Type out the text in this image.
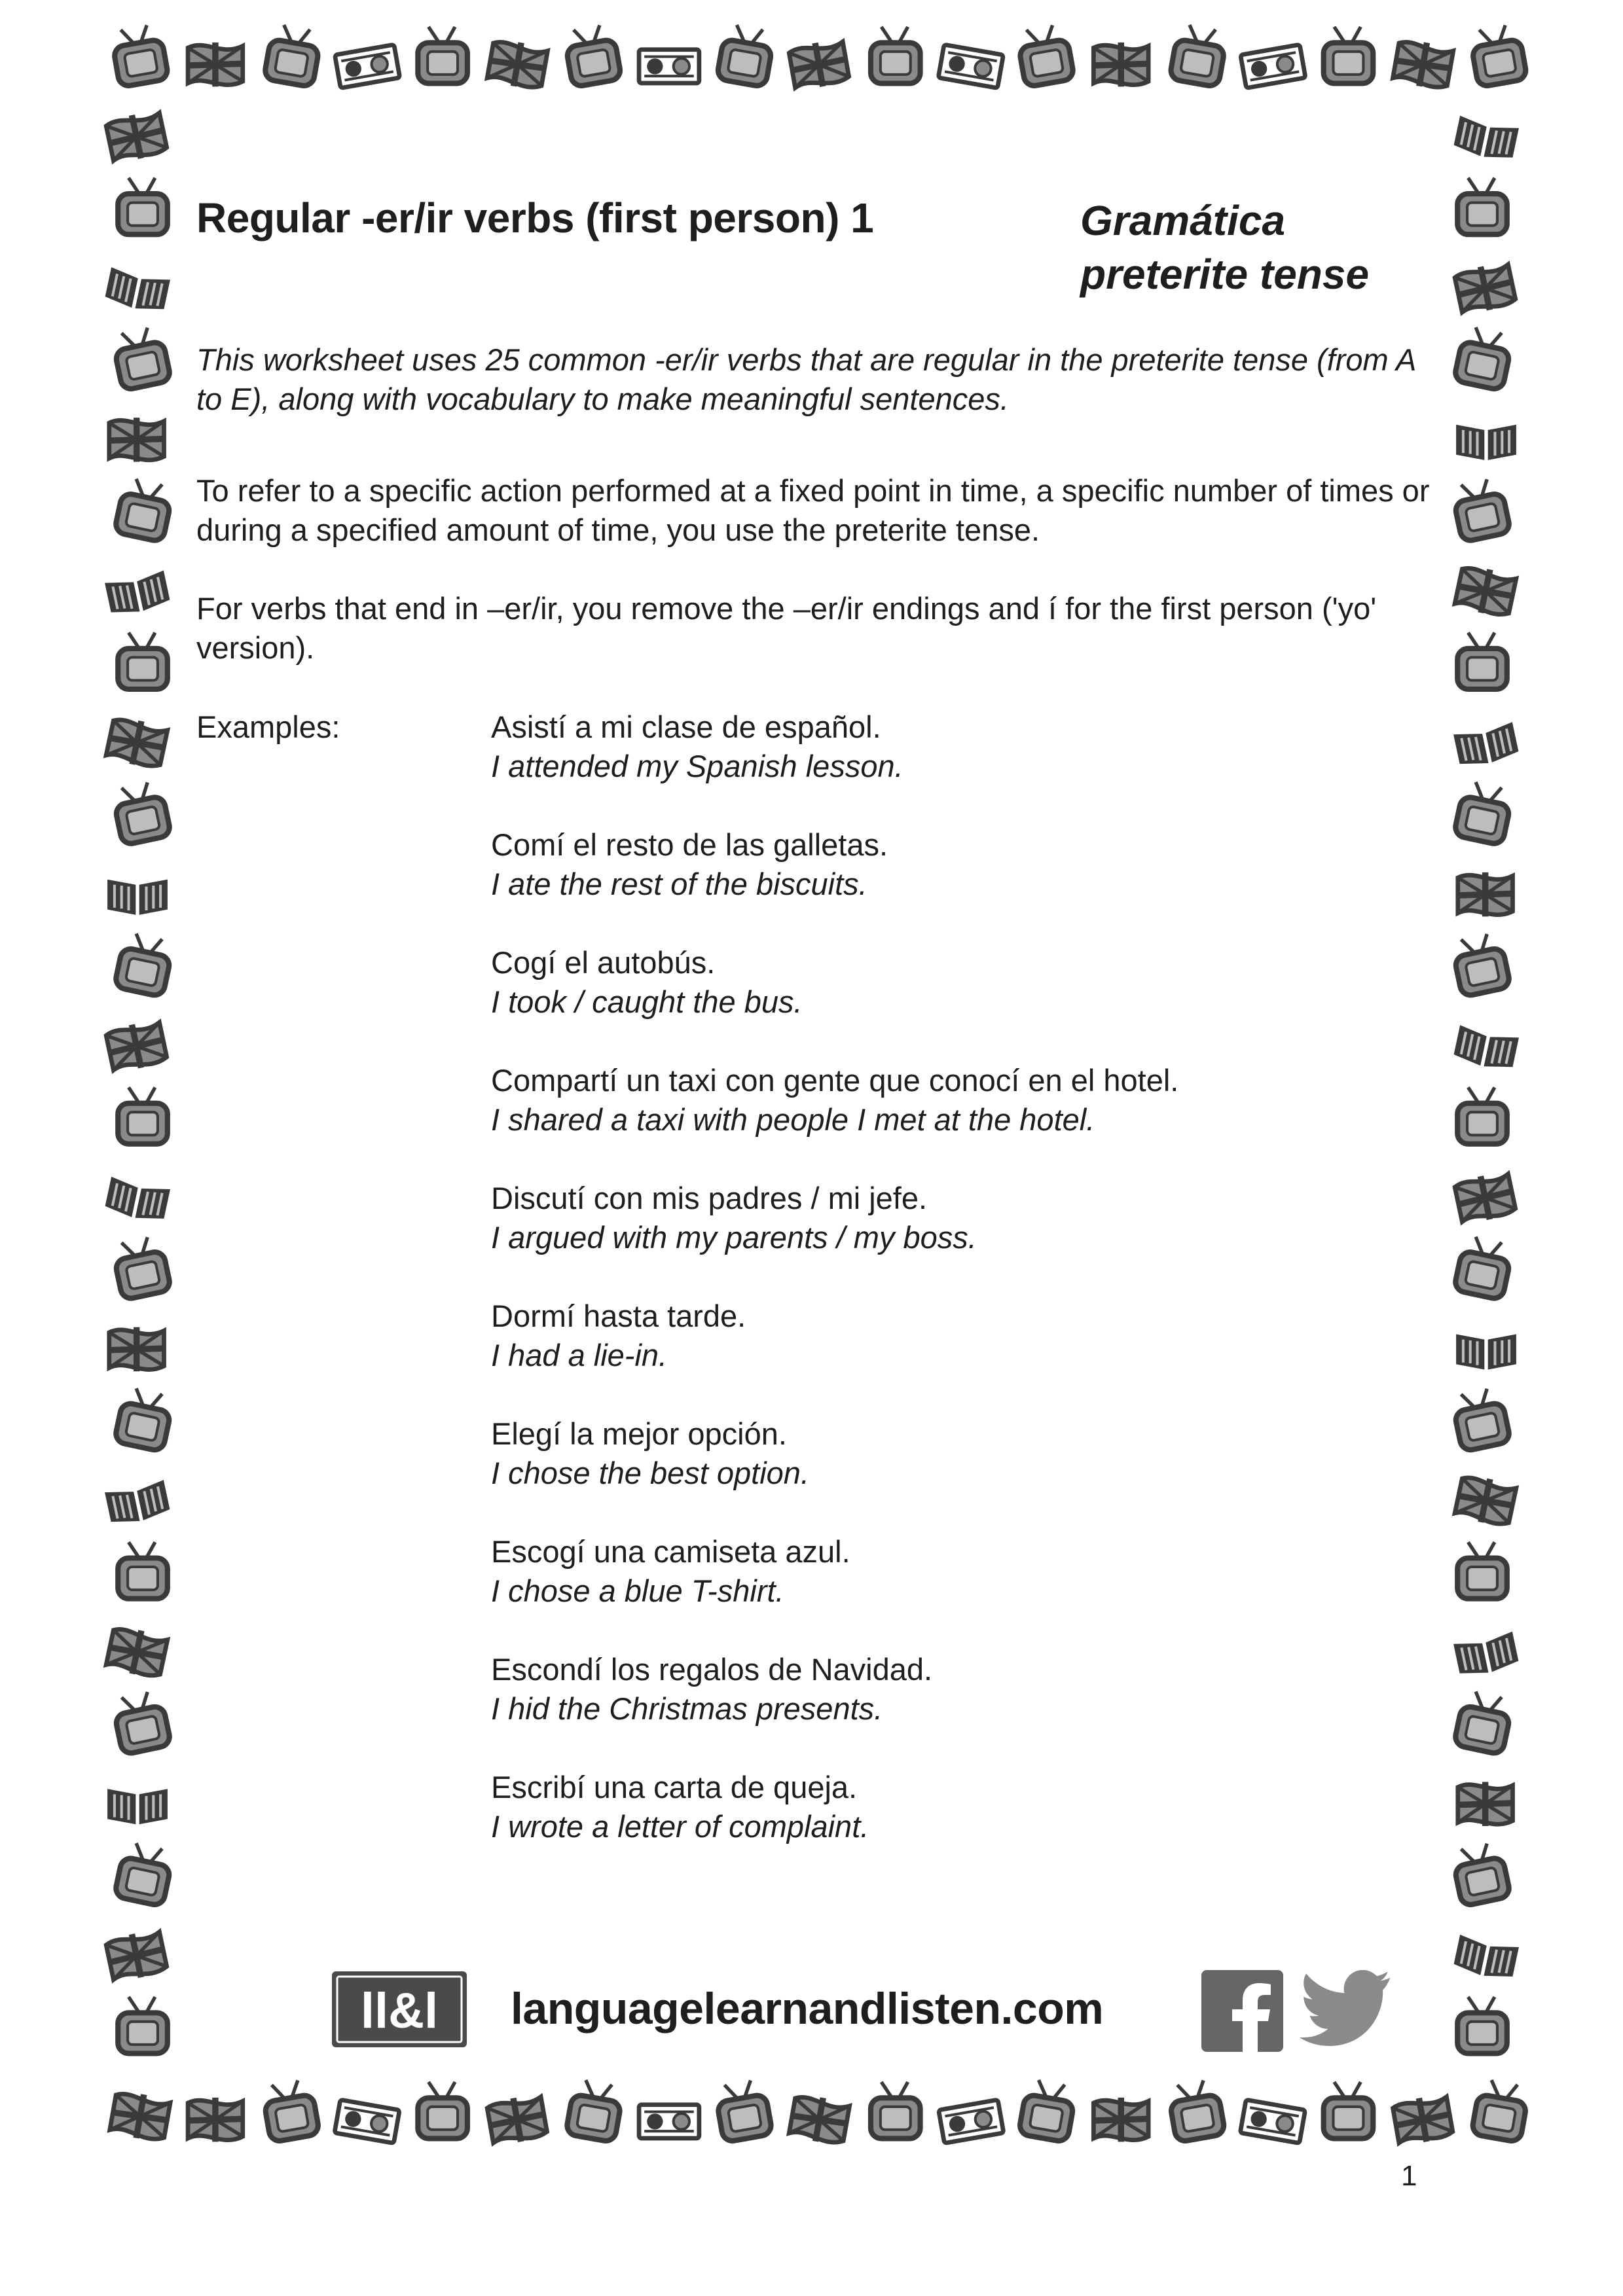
Regular -er/ir verbs (first person) 1	Gramática
preterite tense
This worksheet uses 25 common -er/ir verbs that are regular in the preterite tense (from A to E), along with vocabulary to make meaningful sentences.
To refer to a specific action performed at a fixed point in time, a specific number of times or during a specified amount of time, you use the preterite tense.
For verbs that end in –er/ir, you remove the –er/ir endings and í for the first person ('yo' version).
Examples:	Asistí a mi clase de español.
I attended my Spanish lesson.
Comí el resto de las galletas.
I ate the rest of the biscuits.
Cogí el autobús.
I took / caught the bus.
Compartí un taxi con gente que conocí en el hotel.
I shared a taxi with people I met at the hotel.
Discutí con mis padres / mi jefe.
I argued with my parents / my boss.
Dormí hasta tarde.
I had a lie-in.
Elegí la mejor opción.
I chose the best option.
Escogí una camiseta azul.
I chose a blue T-shirt.
Escondí los regalos de Navidad.
I hid the Christmas presents.
Escribí una carta de queja.
I wrote a letter of complaint.
ll&l languagelearnandlisten.com
1
